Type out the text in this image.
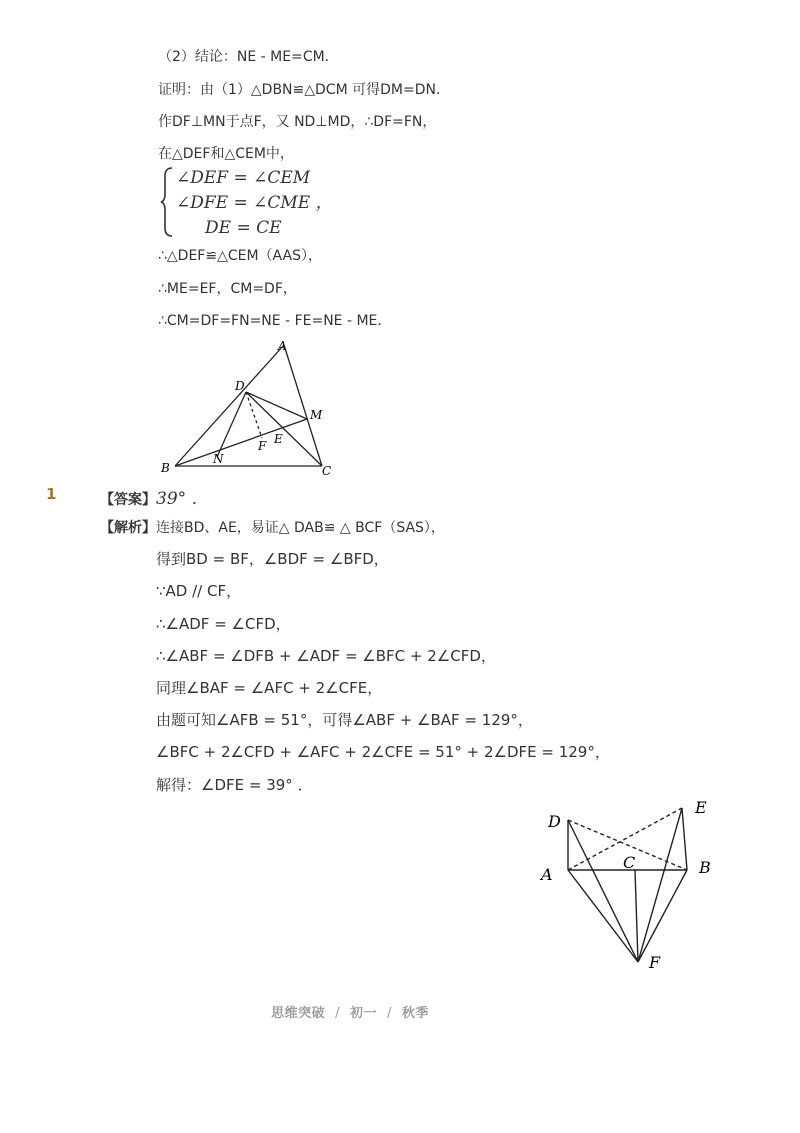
（2）结论：NE - ME=CM．
证明：由（1）△DBN≌△DCM 可得DM=DN．
作DF⊥MN于点F，又 ND⊥MD，∴DF=FN，
在△DEF和△CEM中，
∠DEF = ∠CEM
∠DFE = ∠CME ，
DE = CE
∴△DEF≌△CEM（AAS），
∴ME=EF，CM=DF，
∴CM=DF=FN=NE - FE=NE - ME．
A
D
M
F E
N
B	C
1	【答案】39° ．
【解析】连接BD、AE，易证△ DAB≌ △ BCF（SAS），
得到BD = BF，∠BDF = ∠BFD，
∵AD // CF，
∴∠ADF = ∠CFD，
∴∠ABF = ∠DFB + ∠ADF = ∠BFC + 2∠CFD，
同理∠BAF = ∠AFC + 2∠CFE，
由题可知∠AFB = 51°，可得∠ABF + ∠BAF = 129°，
∠BFC + 2∠CFD + ∠AFC + 2∠CFE = 51° + 2∠DFE = 129°，
解得：∠DFE = 39° ．
D
E
A
C	B
F
思维突破 / 初一 / 秋季
